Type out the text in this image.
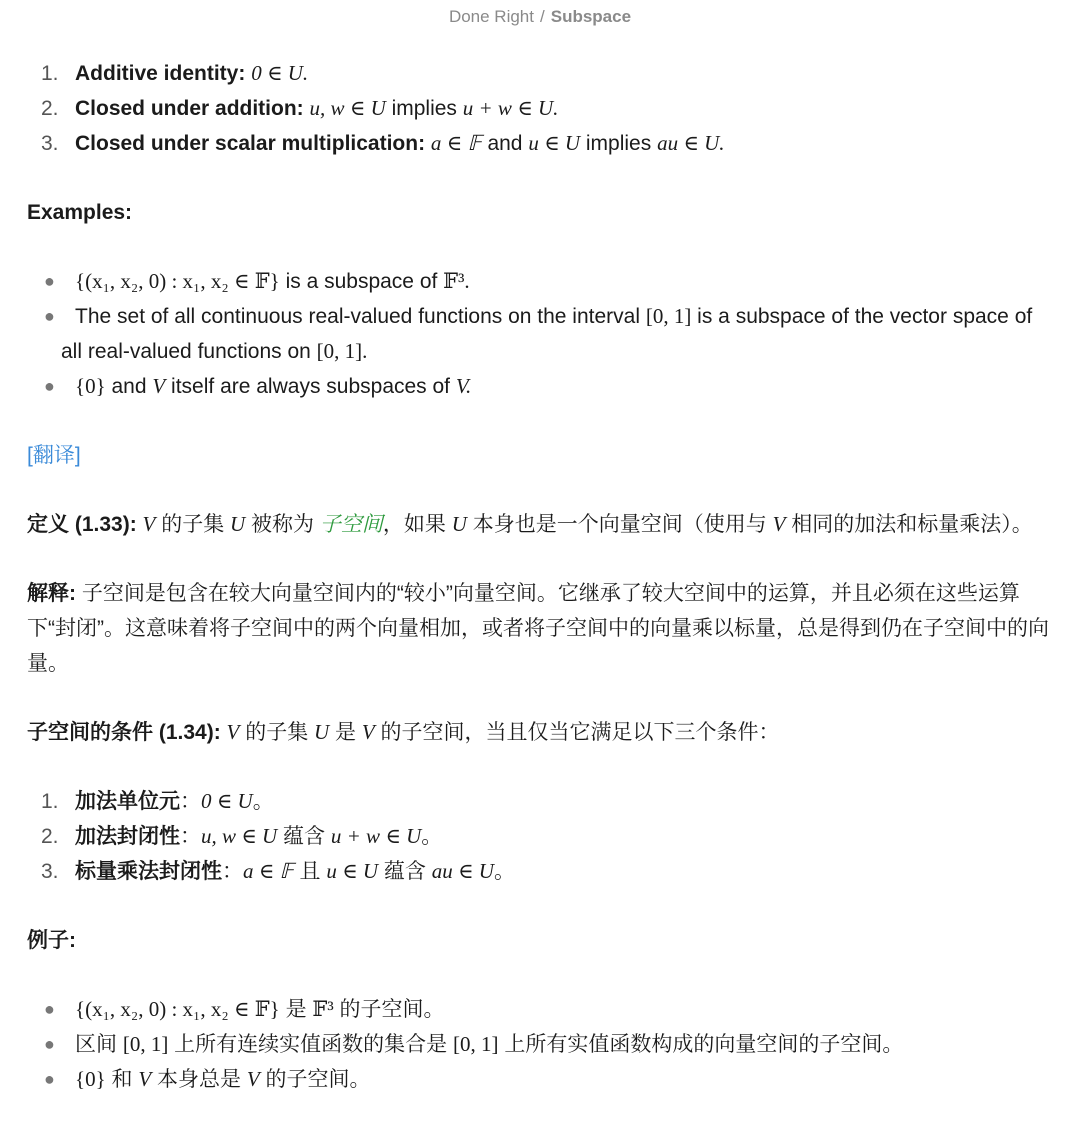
Done Right / Subspace
1. Additive identity: 0 ∈ U.
2. Closed under addition: u, w ∈ U implies u + w ∈ U.
3. Closed under scalar multiplication: a ∈ 𝔽 and u ∈ U implies au ∈ U.

Examples:

● {(x₁, x₂, 0) : x₁, x₂ ∈ 𝔽} is a subspace of 𝔽³.
● The set of all continuous real-valued functions on the interval [0, 1] is a subspace of the vector space of all real-valued functions on [0, 1].
● {0} and V itself are always subspaces of V.

[翻译]

定义 (1.33): V 的子集 U 被称为 子空间，如果 U 本身也是一个向量空间（使用与 V 相同的加法和标量乘法）。

解释: 子空间是包含在较大向量空间内的“较小”向量空间。它继承了较大空间中的运算，并且必须在这些运算下“封闭”。这意味着将子空间中的两个向量相加，或者将子空间中的向量乘以标量，总是得到仍在子空间中的向量。

子空间的条件 (1.34): V 的子集 U 是 V 的子空间，当且仅当它满足以下三个条件：

1. 加法单位元：0 ∈ U。
2. 加法封闭性：u, w ∈ U 蕴含 u + w ∈ U。
3. 标量乘法封闭性：a ∈ 𝔽 且 u ∈ U 蕴含 au ∈ U。

例子:

● {(x₁, x₂, 0) : x₁, x₂ ∈ 𝔽} 是 𝔽³ 的子空间。
● 区间 [0, 1] 上所有连续实值函数的集合是 [0, 1] 上所有实值函数构成的向量空间的子空间。
● {0} 和 V 本身总是 V 的子空间。
